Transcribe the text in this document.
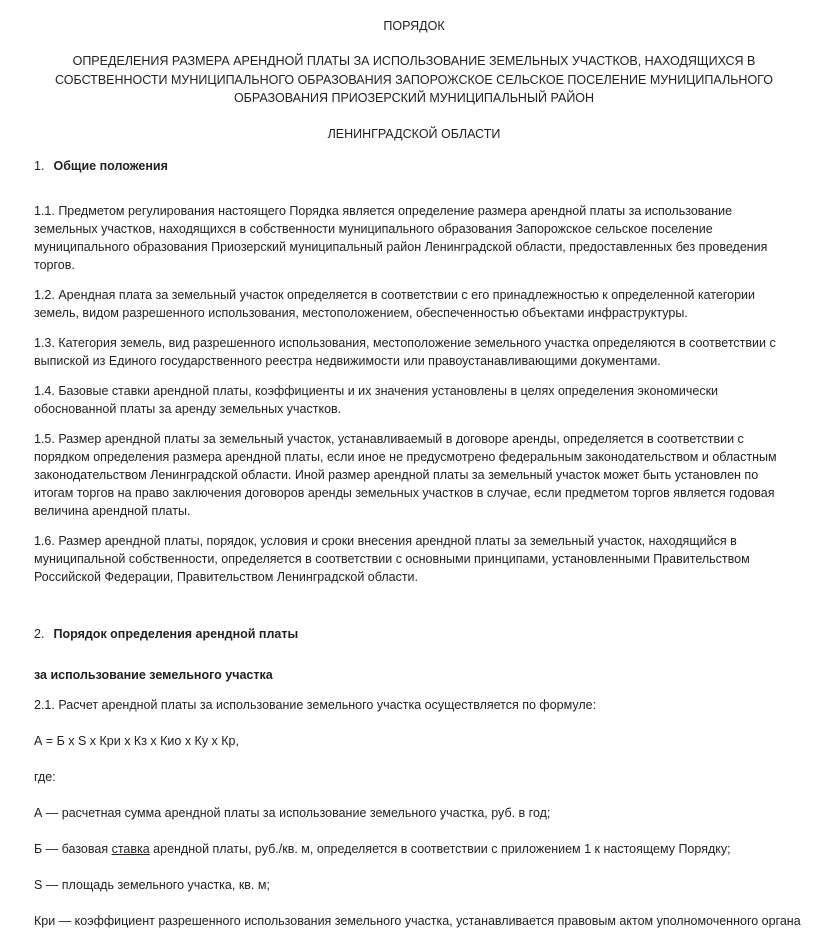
ПОРЯДОК

ОПРЕДЕЛЕНИЯ РАЗМЕРА АРЕНДНОЙ ПЛАТЫ ЗА ИСПОЛЬЗОВАНИЕ ЗЕМЕЛЬНЫХ УЧАСТКОВ, НАХОДЯЩИХСЯ В СОБСТВЕННОСТИ МУНИЦИПАЛЬНОГО ОБРАЗОВАНИЯ ЗАПОРОЖСКОЕ СЕЛЬСКОЕ ПОСЕЛЕНИЕ МУНИЦИПАЛЬНОГО ОБРАЗОВАНИЯ ПРИОЗЕРСКИЙ МУНИЦИПАЛЬНЫЙ РАЙОН

ЛЕНИНГРАДСКОЙ ОБЛАСТИ

1. Общие положения

1.1. Предметом регулирования настоящего Порядка является определение размера арендной платы за использование земельных участков, находящихся в собственности муниципального образования Запорожское сельское поселение муниципального образования Приозерский муниципальный район Ленинградской области, предоставленных без проведения торгов.

1.2. Арендная плата за земельный участок определяется в соответствии с его принадлежностью к определенной категории земель, видом разрешенного использования, местоположением, обеспеченностью объектами инфраструктуры.

1.3. Категория земель, вид разрешенного использования, местоположение земельного участка определяются в соответствии с выпиской из Единого государственного реестра недвижимости или правоустанавливающими документами.

1.4. Базовые ставки арендной платы, коэффициенты и их значения установлены в целях определения экономически обоснованной платы за аренду земельных участков.

1.5. Размер арендной платы за земельный участок, устанавливаемый в договоре аренды, определяется в соответствии с порядком определения размера арендной платы, если иное не предусмотрено федеральным законодательством и областным законодательством Ленинградской области. Иной размер арендной платы за земельный участок может быть установлен по итогам торгов на право заключения договоров аренды земельных участков в случае, если предметом торгов является годовая величина арендной платы.

1.6. Размер арендной платы, порядок, условия и сроки внесения арендной платы за земельный участок, находящийся в муниципальной собственности, определяется в соответствии с основными принципами, установленными Правительством Российской Федерации, Правительством Ленинградской области.

2. Порядок определения арендной платы

за использование земельного участка

2.1. Расчет арендной платы за использование земельного участка осуществляется по формуле:

А = Б х S х Кри х Кз х Кио х Ку х Кр,

где:

А — расчетная сумма арендной платы за использование земельного участка, руб. в год;

Б — базовая ставка арендной платы, руб./кв. м, определяется в соответствии с приложением 1 к настоящему Порядку;

S — площадь земельного участка, кв. м;

Кри — коэффициент разрешенного использования земельного участка, устанавливается правовым актом уполномоченного органа
